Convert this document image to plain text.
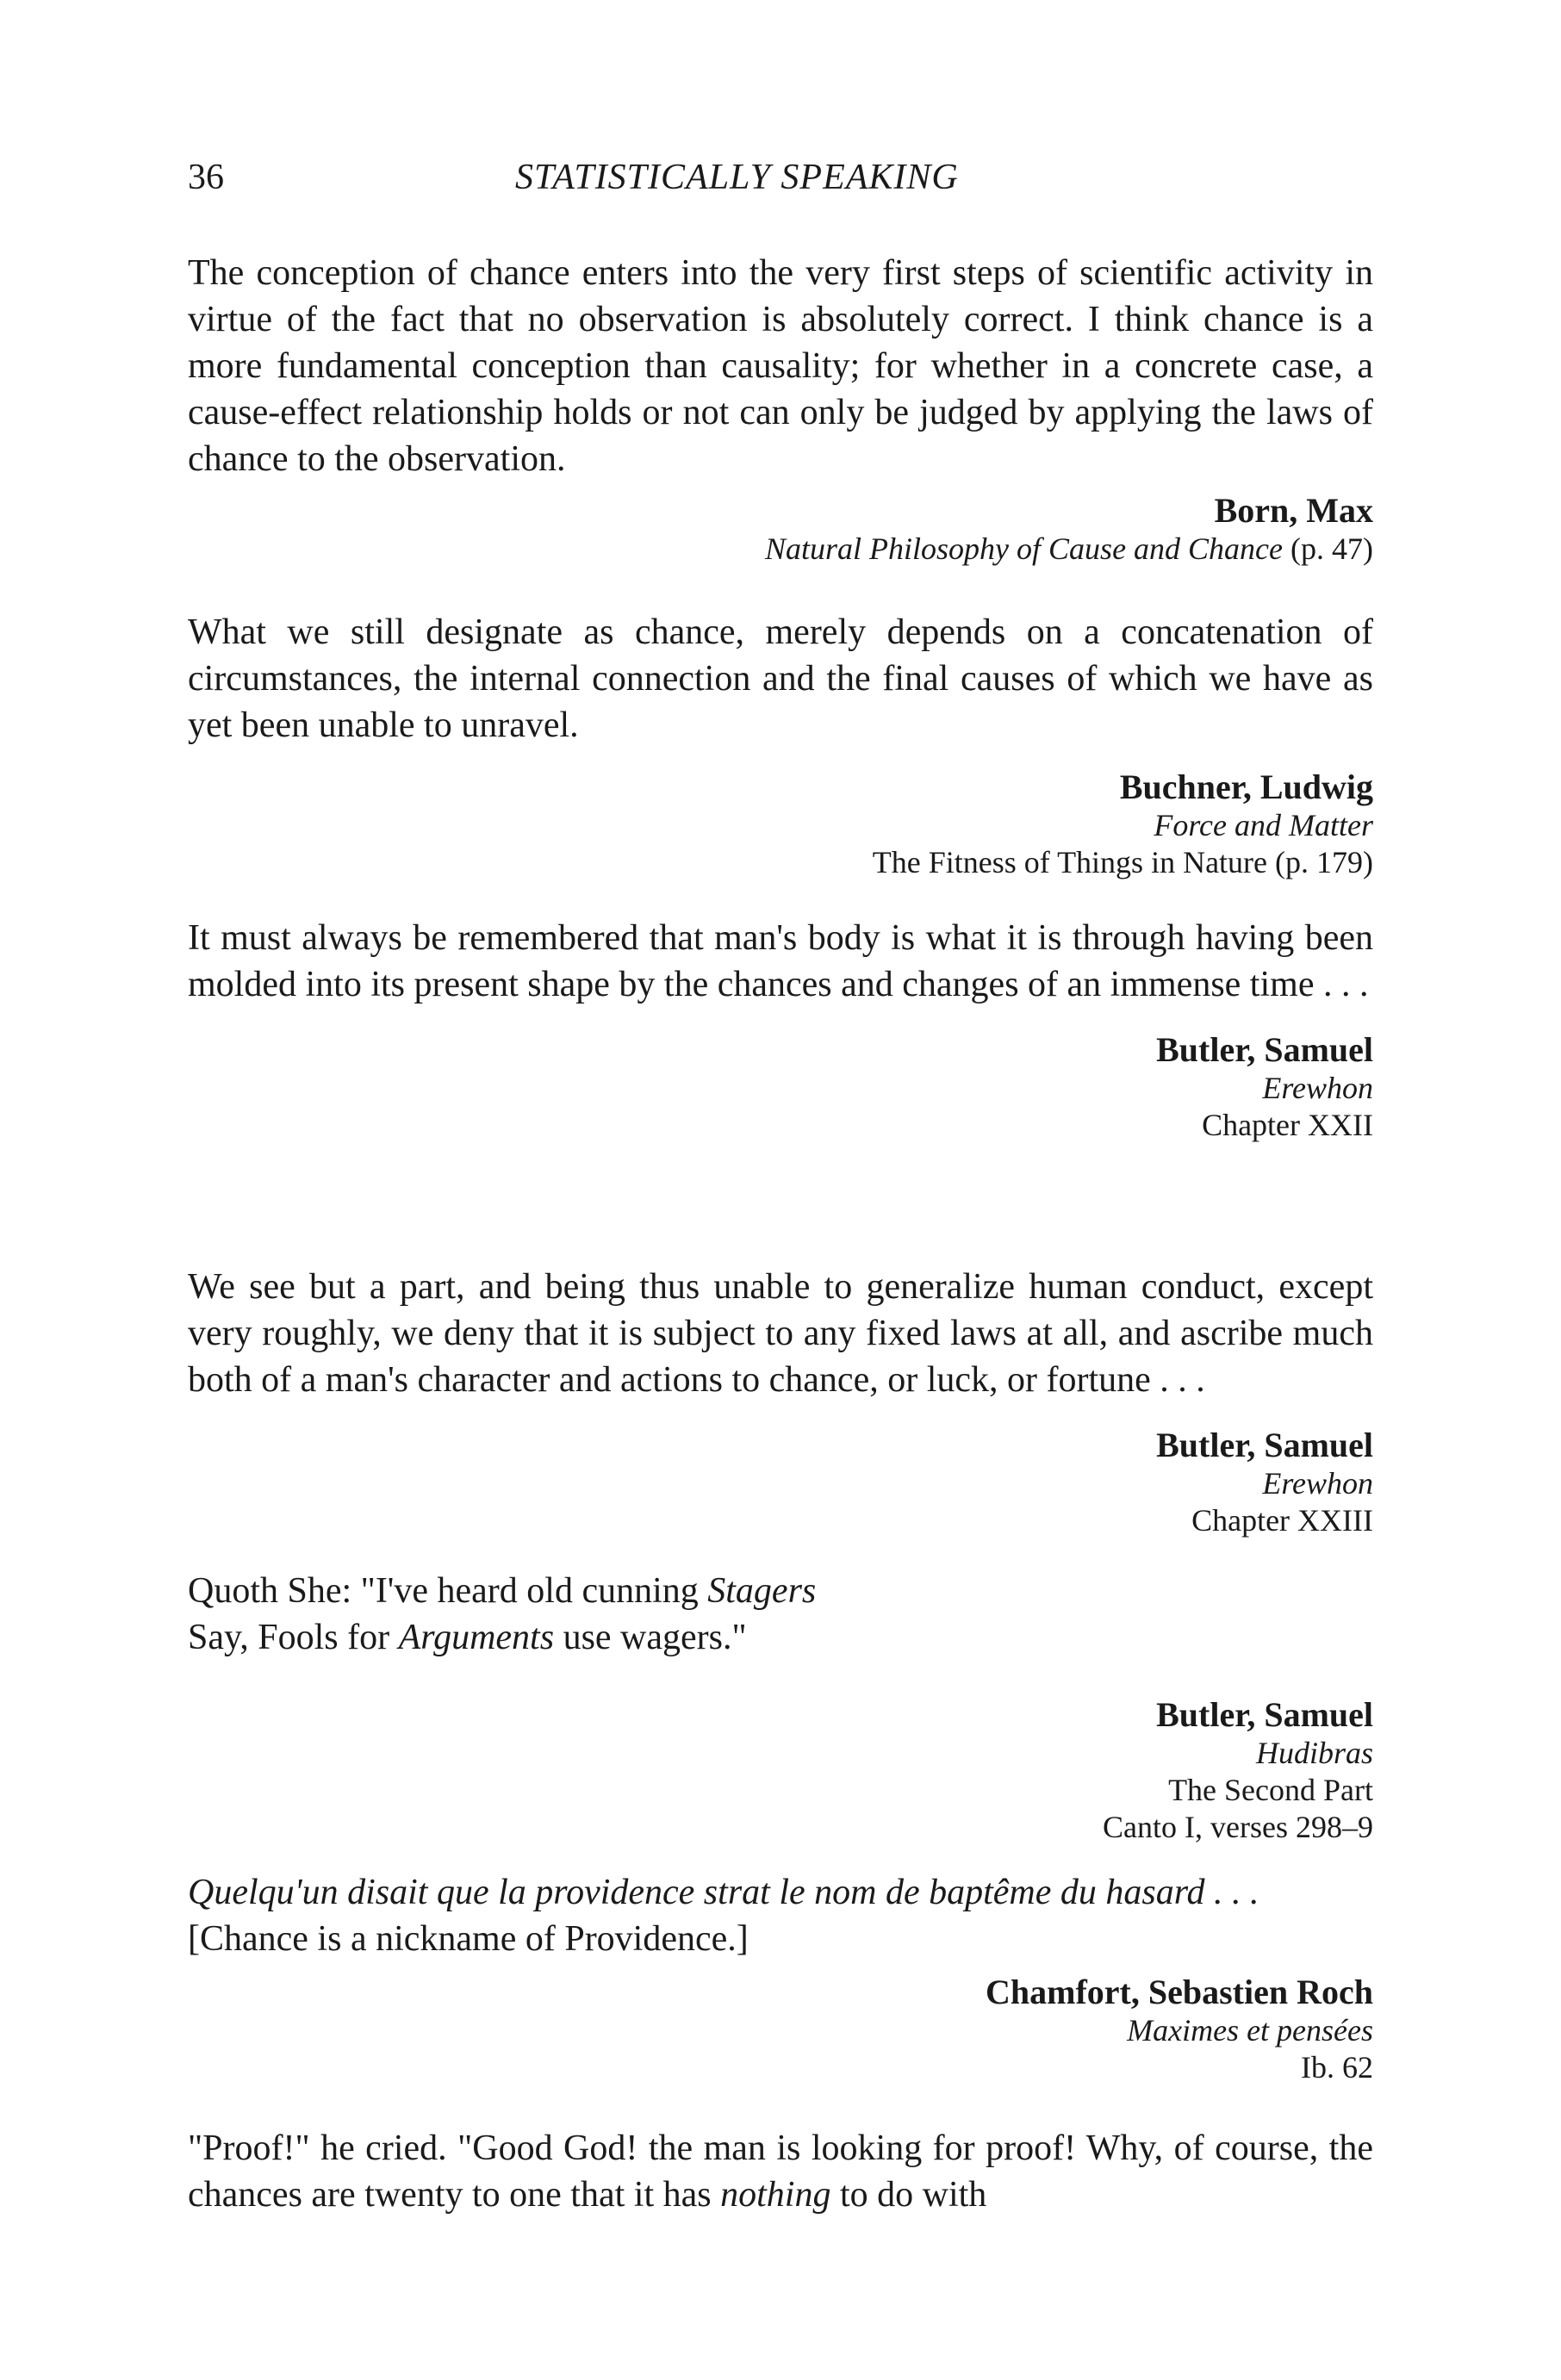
36	STATISTICALLY SPEAKING
The conception of chance enters into the very first steps of scientific activity in virtue of the fact that no observation is absolutely correct. I think chance is a more fundamental conception than causality; for whether in a concrete case, a cause-effect relationship holds or not can only be judged by applying the laws of chance to the observation.
Born, Max
Natural Philosophy of Cause and Chance (p. 47)
What we still designate as chance, merely depends on a concatenation of circumstances, the internal connection and the final causes of which we have as yet been unable to unravel.
Buchner, Ludwig
Force and Matter
The Fitness of Things in Nature (p. 179)
It must always be remembered that man's body is what it is through having been molded into its present shape by the chances and changes of an immense time . . .
Butler, Samuel
Erewhon
Chapter XXII
We see but a part, and being thus unable to generalize human conduct, except very roughly, we deny that it is subject to any fixed laws at all, and ascribe much both of a man's character and actions to chance, or luck, or fortune . . .
Butler, Samuel
Erewhon
Chapter XXIII
Quoth She: "I've heard old cunning Stagers
Say, Fools for Arguments use wagers."
Butler, Samuel
Hudibras
The Second Part
Canto I, verses 298–9
Quelqu'un disait que la providence strat le nom de baptême du hasard . . .
[Chance is a nickname of Providence.]
Chamfort, Sebastien Roch
Maximes et pensées
Ib. 62
"Proof!" he cried. "Good God! the man is looking for proof! Why, of course, the chances are twenty to one that it has nothing to do with
